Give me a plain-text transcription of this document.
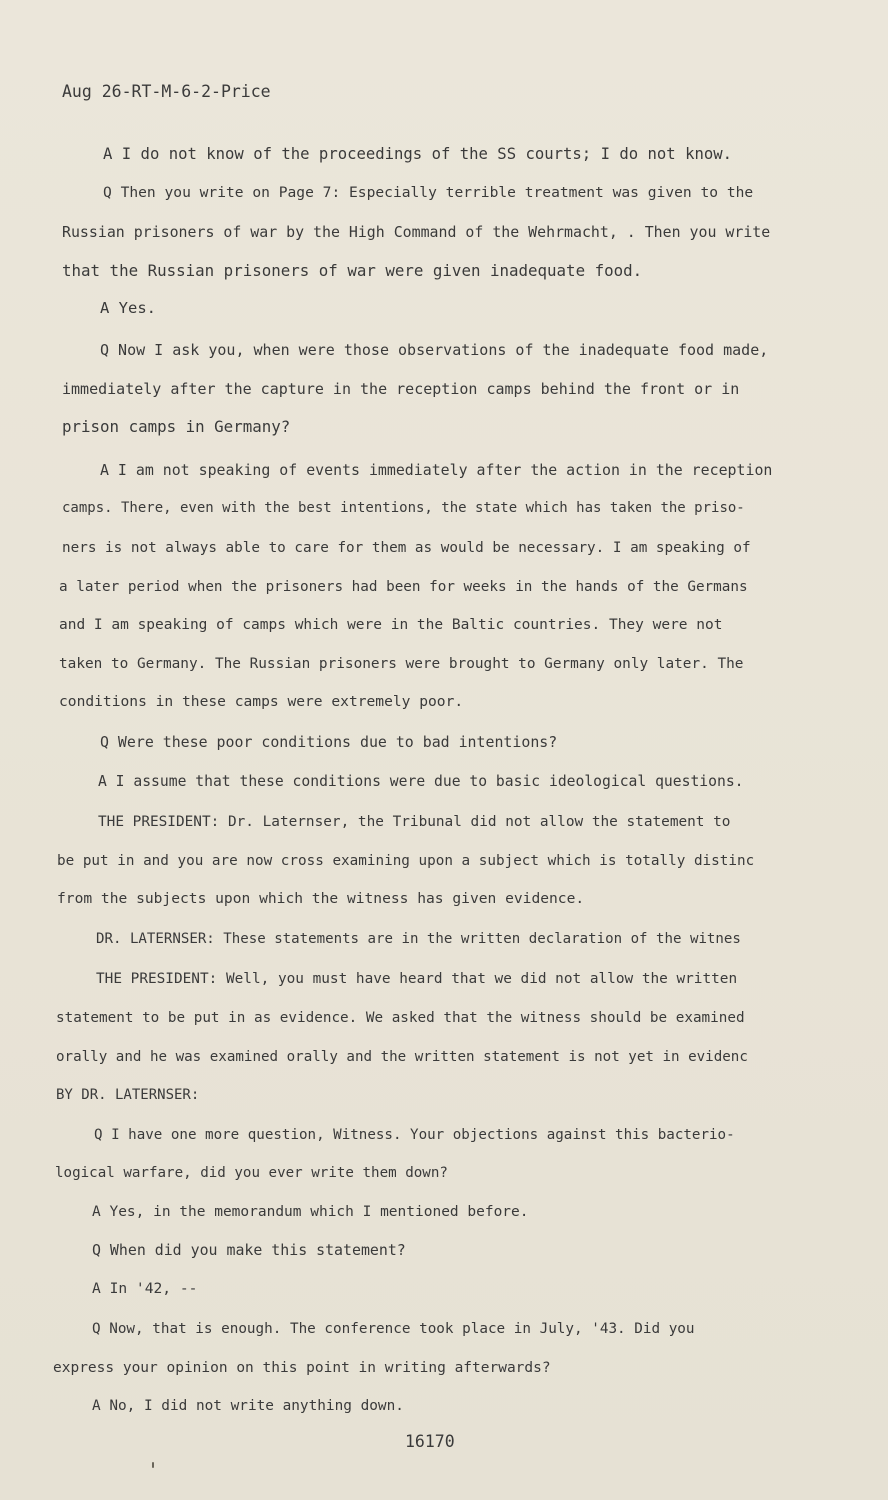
Aug 26-RT-M-6-2-Price
A I do not know of the proceedings of the SS courts; I do not know.
Q Then you write on Page 7: Especially terrible treatment was given to the
Russian prisoners of war by the High Command of the Wehrmacht, . Then you write
that the Russian prisoners of war were given inadequate food.
A Yes.
Q Now I ask you, when were those observations of the inadequate food made,
immediately after the capture in the reception camps behind the front or in
prison camps in Germany?
A I am not speaking of events immediately after the action in the reception
camps. There, even with the best intentions, the state which has taken the priso-
ners is not always able to care for them as would be necessary. I am speaking of
a later period when the prisoners had been for weeks in the hands of the Germans
and I am speaking of camps which were in the Baltic countries. They were not
taken to Germany. The Russian prisoners were brought to Germany only later. The
conditions in these camps were extremely poor.
Q Were these poor conditions due to bad intentions?
A I assume that these conditions were due to basic ideological questions.
THE PRESIDENT: Dr. Laternser, the Tribunal did not allow the statement to
be put in and you are now cross examining upon a subject which is totally distinc
from the subjects upon which the witness has given evidence.
DR. LATERNSER: These statements are in the written declaration of the witnes
THE PRESIDENT: Well, you must have heard that we did not allow the written
statement to be put in as evidence. We asked that the witness should be examined
orally and he was examined orally and the written statement is not yet in evidenc
BY DR. LATERNSER:
Q I have one more question, Witness. Your objections against this bacterio-
logical warfare, did you ever write them down?
A Yes, in the memorandum which I mentioned before.
Q When did you make this statement?
A In '42, --
Q Now, that is enough. The conference took place in July, '43. Did you
express your opinion on this point in writing afterwards?
A No, I did not write anything down.
16170
